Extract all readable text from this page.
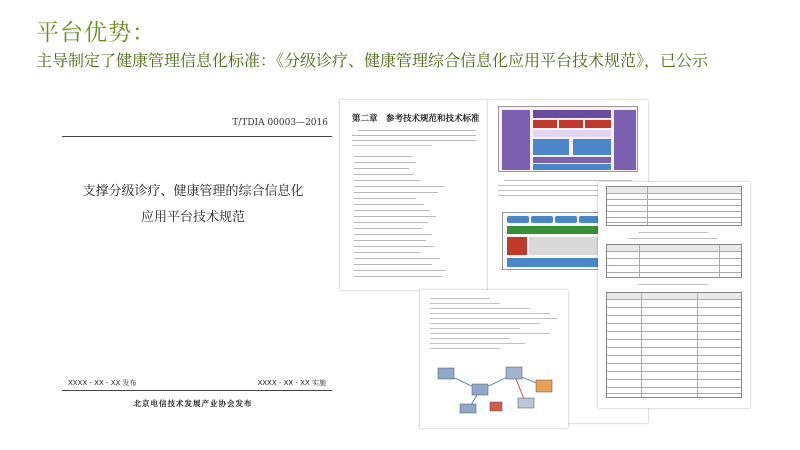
平台优势：
主导制定了健康管理信息化标准：《分级诊疗、健康管理综合信息化应用平台技术规范》，已公示
T/TDIA 00003—2016
支撑分级诊疗、健康管理的综合信息化
应用平台技术规范
XXXX - XX - XX 发布	XXXX - XX - XX 实施
北京电信技术发展产业协会发布
第二章　参考技术规范和技术标准
